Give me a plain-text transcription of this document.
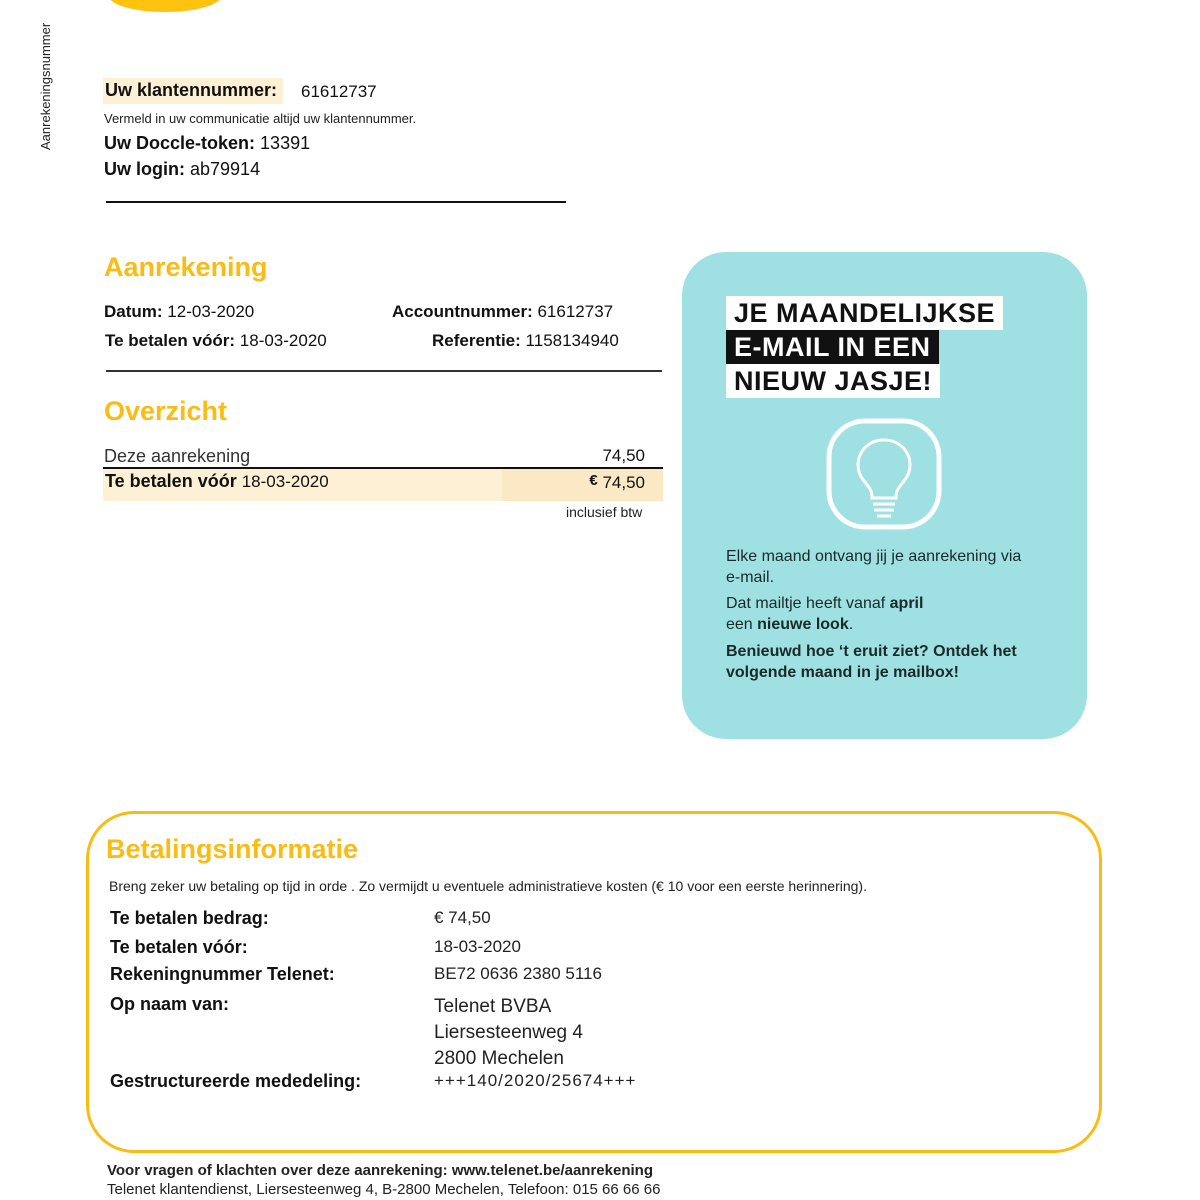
Aanrekeningsnummer	Uw klantennummer:	61612737
Vermeld in uw communicatie altijd uw klantennummer.
Uw Doccle-token: 13391
Uw login: ab79914
Aanrekening
Datum: 12-03-2020
Te betalen vóór: 18-03-2020
Accountnummer: 61612737
Referentie: 1158134940
Overzicht
Deze aanrekening	74,50
Te betalen vóór 18-03-2020	€ 74,50
inclusief btw
JE MAANDELIJKSE
E-MAIL IN EEN
NIEUW JASJE!
Elke maand ontvang jij je aanrekening via e-mail.
Dat mailtje heeft vanaf april
een nieuwe look.
Benieuwd hoe ‘t eruit ziet? Ontdek het volgende maand in je mailbox!
Betalingsinformatie
Breng zeker uw betaling op tijd in orde . Zo vermijdt u eventuele administratieve kosten (€ 10 voor een eerste herinnering).
Te betalen bedrag:	€ 74,50
Te betalen vóór:	18-03-2020
Rekeningnummer Telenet:	BE72 0636 2380 5116
Op naam van:	Telenet BVBA
Liersesteenweg 4
2800 Mechelen
Gestructureerde mededeling:	+++140/2020/25674+++
Voor vragen of klachten over deze aanrekening: www.telenet.be/aanrekening
Telenet klantendienst, Liersesteenweg 4, B-2800 Mechelen, Telefoon: 015 66 66 66
